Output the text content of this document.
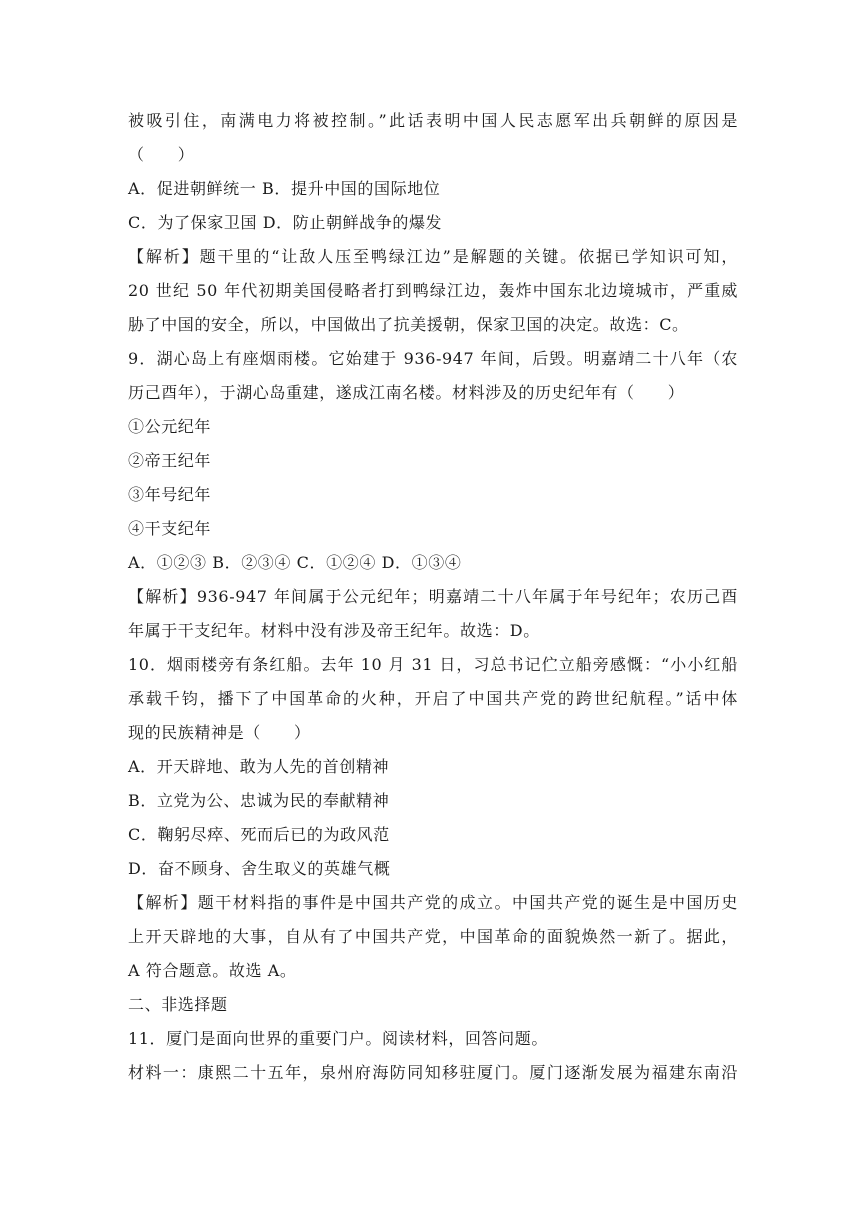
被吸引住，南满电力将被控制。”此话表明中国人民志愿军出兵朝鲜的原因是
（　　）
A．促进朝鲜统一 B．提升中国的国际地位
C．为了保家卫国 D．防止朝鲜战争的爆发
【解析】题干里的“让敌人压至鸭绿江边”是解题的关键。依据已学知识可知，
20 世纪 50 年代初期美国侵略者打到鸭绿江边，轰炸中国东北边境城市，严重威
胁了中国的安全，所以，中国做出了抗美援朝，保家卫国的决定。故选：C。
9．湖心岛上有座烟雨楼。它始建于 936-947 年间，后毁。明嘉靖二十八年（农
历己酉年），于湖心岛重建，遂成江南名楼。材料涉及的历史纪年有（　　）
①公元纪年
②帝王纪年
③年号纪年
④干支纪年
A．①②③ B．②③④ C．①②④ D．①③④
【解析】936-947 年间属于公元纪年；明嘉靖二十八年属于年号纪年；农历己酉
年属于干支纪年。材料中没有涉及帝王纪年。故选：D。
10．烟雨楼旁有条红船。去年 10 月 31 日，习总书记伫立船旁感慨：“小小红船
承载千钧，播下了中国革命的火种，开启了中国共产党的跨世纪航程。”话中体
现的民族精神是（　　）
A．开天辟地、敢为人先的首创精神
B．立党为公、忠诚为民的奉献精神
C．鞠躬尽瘁、死而后已的为政风范
D．奋不顾身、舍生取义的英雄气概
【解析】题干材料指的事件是中国共产党的成立。中国共产党的诞生是中国历史
上开天辟地的大事，自从有了中国共产党，中国革命的面貌焕然一新了。据此，
A 符合题意。故选 A。
二、非选择题
11．厦门是面向世界的重要门户。阅读材料，回答问题。
材料一：康熙二十五年，泉州府海防同知移驻厦门。厦门逐渐发展为福建东南沿
